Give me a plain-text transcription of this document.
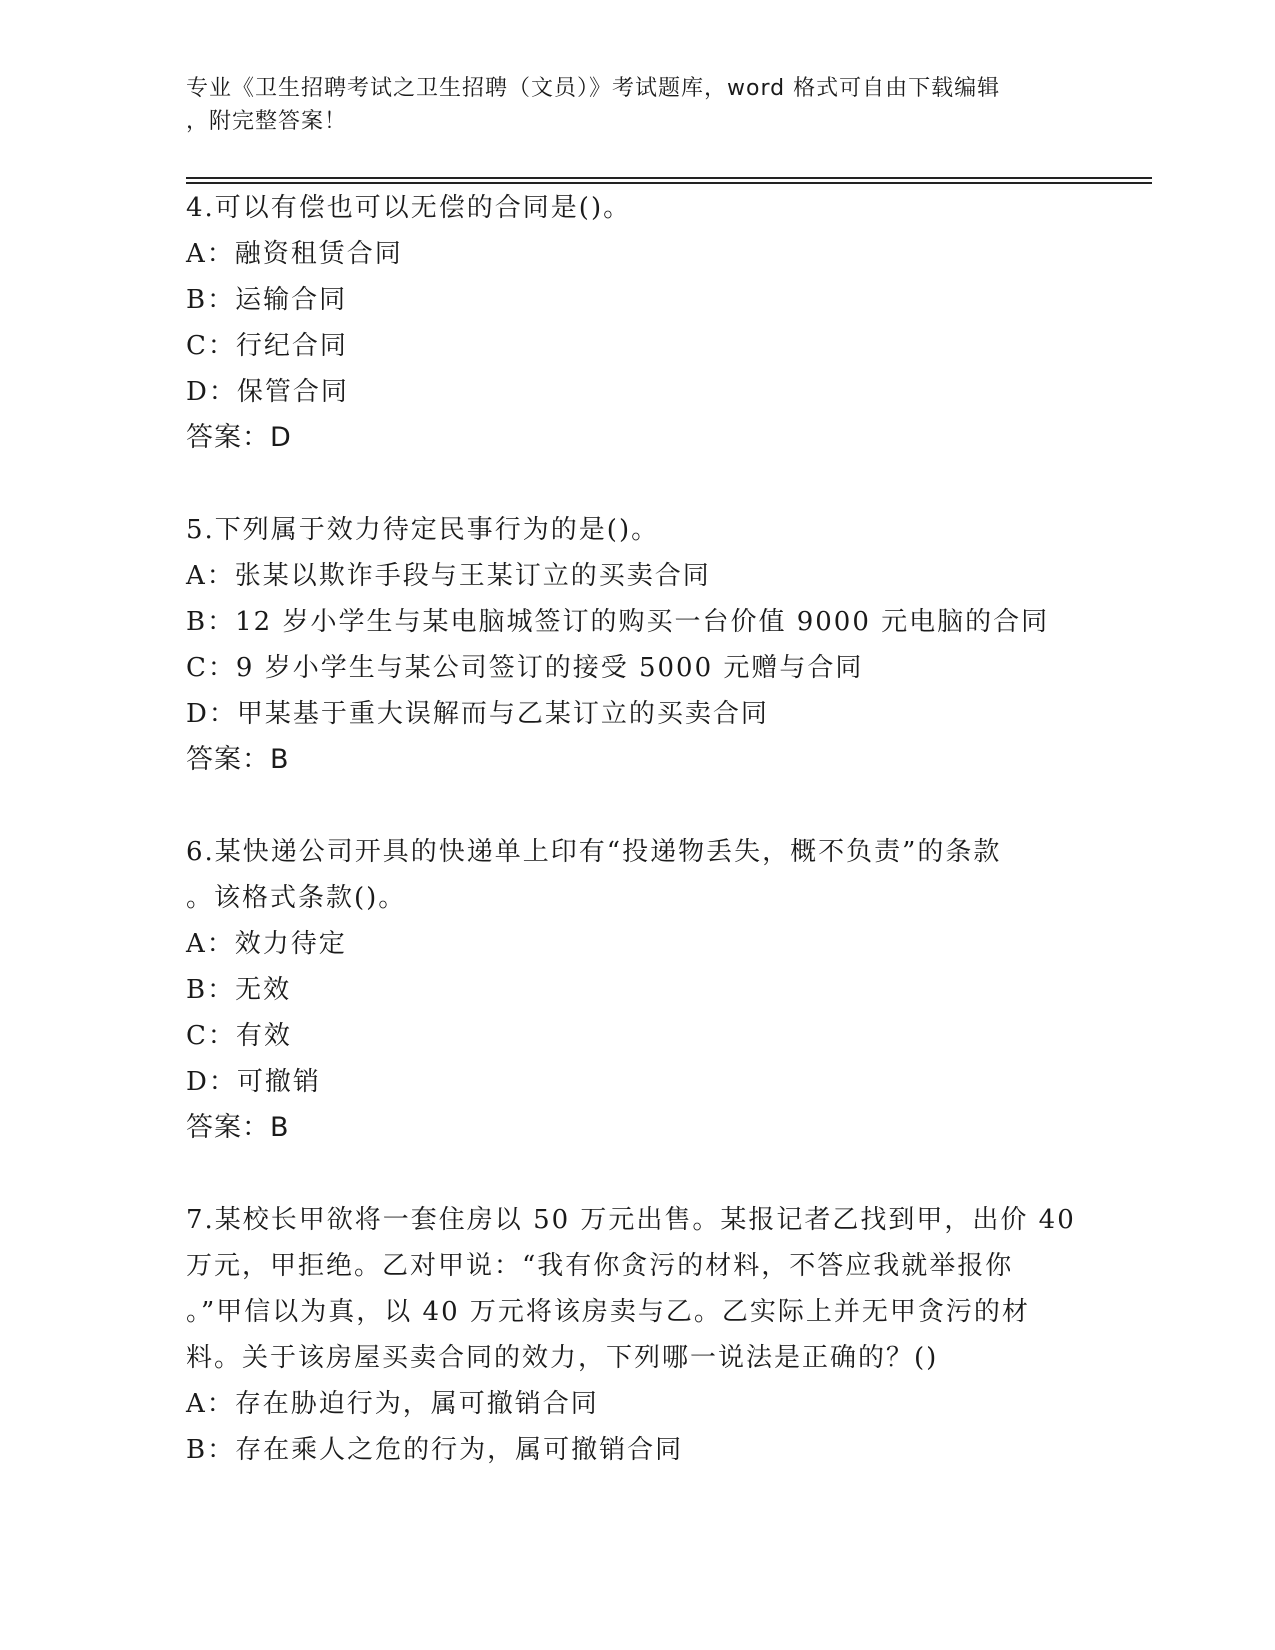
专业《卫生招聘考试之卫生招聘（文员）》考试题库，word 格式可自由下载编辑
，附完整答案！
4.可以有偿也可以无偿的合同是()。
A：融资租赁合同
B：运输合同
C：行纪合同
D：保管合同
答案：D
5.下列属于效力待定民事行为的是()。
A：张某以欺诈手段与王某订立的买卖合同
B：12 岁小学生与某电脑城签订的购买一台价值 9000 元电脑的合同
C：9 岁小学生与某公司签订的接受 5000 元赠与合同
D：甲某基于重大误解而与乙某订立的买卖合同
答案：B
6.某快递公司开具的快递单上印有“投递物丢失，概不负责”的条款
。该格式条款()。
A：效力待定
B：无效
C：有效
D：可撤销
答案：B
7.某校长甲欲将一套住房以 50 万元出售。某报记者乙找到甲，出价 40
万元，甲拒绝。乙对甲说：“我有你贪污的材料，不答应我就举报你
。”甲信以为真，以 40 万元将该房卖与乙。乙实际上并无甲贪污的材
料。关于该房屋买卖合同的效力，下列哪一说法是正确的？()
A：存在胁迫行为，属可撤销合同
B：存在乘人之危的行为，属可撤销合同
